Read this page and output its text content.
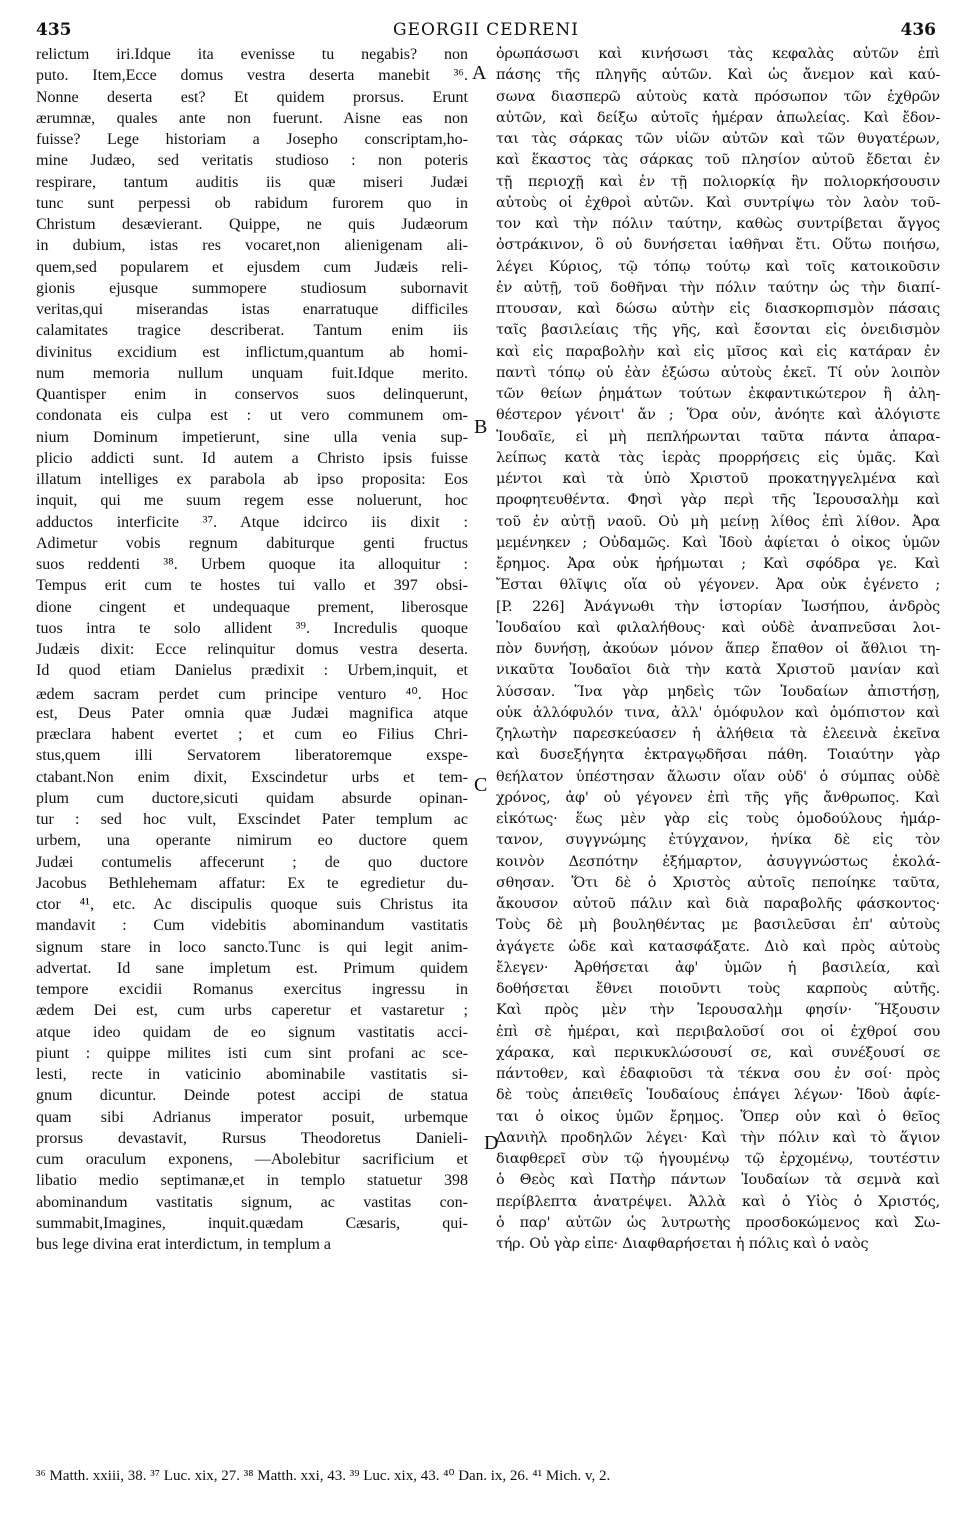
435	GEORGII CEDRENI	436
relictum iri.Idque ita evenisse tu negabis? non
puto. Item,Ecce domus vestra deserta manebit ³⁶.
Nonne deserta est? Et quidem prorsus. Erunt
ærumnæ, quales ante non fuerunt. Aisne eas non
fuisse? Lege historiam a Josepho conscriptam,ho-
mine Judæo, sed veritatis studioso : non poteris
respirare, tantum auditis iis quæ miseri Judæi
tunc sunt perpessi ob rabidum furorem quo in
Christum desævierant. Quippe, ne quis Judæorum
in dubium, istas res vocaret,non alienigenam ali-
quem,sed popularem et ejusdem cum Judæis reli-
gionis ejusque summopere studiosum subornavit
veritas,qui miserandas istas enarratuque difficiles
calamitates tragice describerat. Tantum enim iis
divinitus excidium est inflictum,quantum ab homi-
num memoria nullum unquam fuit.Idque merito.
Quantisper enim in conservos suos delinquerunt,
condonata eis culpa est : ut vero communem om-
nium Dominum impetierunt, sine ulla venia sup-
plicio addicti sunt. Id autem a Christo ipsis fuisse
illatum intelliges ex parabola ab ipso proposita: Eos
inquit, qui me suum regem esse noluerunt, hoc
adductos interficite ³⁷. Atque idcirco iis dixit :
Adimetur vobis regnum dabiturque genti fructus
suos reddenti ³⁸. Urbem quoque ita alloquitur :
Tempus erit cum te hostes tui vallo et 397 obsi-
dione cingent et undequaque prement, liberosque
tuos intra te solo allident ³⁹. Incredulis quoque
Judæis dixit: Ecce relinquitur domus vestra deserta.
Id quod etiam Danielus prædixit : Urbem,inquit, et
ædem sacram perdet cum principe venturo ⁴⁰. Hoc
est, Deus Pater omnia quæ Judæi magnifica atque
præclara habent evertet ; et cum eo Filius Chri-
stus,quem illi Servatorem liberatoremque exspe-
ctabant.Non enim dixit, Exscindetur urbs et tem-
plum cum ductore,sicuti quidam absurde opinan-
tur : sed hoc vult, Exscindet Pater templum ac
urbem, una operante nimirum eo ductore quem
Judæi contumelis affecerunt ; de quo ductore
Jacobus Bethlehemam affatur: Ex te egredietur du-
ctor ⁴¹, etc. Ac discipulis quoque suis Christus ita
mandavit : Cum videbitis abominandum vastitatis
signum stare in loco sancto.Tunc is qui legit anim-
advertat. Id sane impletum est. Primum quidem
tempore excidii Romanus exercitus ingressu in
ædem Dei est, cum urbs caperetur et vastaretur ;
atque ideo quidam de eo signum vastitatis acci-
piunt : quippe milites isti cum sint profani ac sce-
lesti, recte in vaticinio abominabile vastitatis si-
gnum dicuntur. Deinde potest accipi de statua
quam sibi Adrianus imperator posuit, urbemque
prorsus devastavit, Rursus Theodoretus Danieli-
cum oraculum exponens, —Abolebitur sacrificium et
libatio medio septimanæ,et in templo statuetur 398
abominandum vastitatis signum, ac vastitas con-
summabit,Imagines, inquit.quædam Cæsaris, qui-
bus lege divina erat interdictum, in templum a
A
B
C
D
ὀρωπάσωσι καὶ κινήσωσι τὰς κεφαλὰς αὐτῶν ἐπὶ
πάσης τῆς πληγῆς αὐτῶν. Καὶ ὡς ἄνεμον καὶ καύ-
σωνα διασπερῶ αὐτοὺς κατὰ πρόσωπον τῶν ἐχθρῶν
αὐτῶν, καὶ δείξω αὐτοῖς ἡμέραν ἀπωλείας. Καὶ ἔδον-
ται τὰς σάρκας τῶν υἱῶν αὐτῶν καὶ τῶν θυγατέρων,
καὶ ἕκαστος τὰς σάρκας τοῦ πλησίον αὐτοῦ ἔδεται ἐν
τῇ περιοχῇ καὶ ἐν τῇ πολιορκίᾳ ἣν πολιορκήσουσιν
αὐτοὺς οἱ ἐχθροὶ αὐτῶν. Καὶ συντρίψω τὸν λαὸν τοῦ-
τον καὶ τὴν πόλιν ταύτην, καθὼς συντρίβεται ἄγγος
ὀστράκινον, ὃ οὐ δυνήσεται ἰαθῆναι ἔτι. Οὕτω ποιήσω,
λέγει Κύριος, τῷ τόπῳ τούτῳ καὶ τοῖς κατοικοῦσιν
ἐν αὐτῇ, τοῦ δοθῆναι τὴν πόλιν ταύτην ὡς τὴν διαπί-
πτουσαν, καὶ δώσω αὐτὴν εἰς διασκορπισμὸν πάσαις
ταῖς βασιλείαις τῆς γῆς, καὶ ἔσονται εἰς ὀνειδισμὸν
καὶ εἰς παραβολὴν καὶ εἰς μῖσος καὶ εἰς κατάραν ἐν
παντὶ τόπῳ οὗ ἐὰν ἐξώσω αὐτοὺς ἐκεῖ. Τί οὖν λοιπὸν
τῶν θείων ῥημάτων τούτων ἐκφαντικώτερον ἢ ἀλη-
θέστερον γένοιτ' ἄν ; Ὅρα οὖν, ἀνόητε καὶ ἀλόγιστε
Ἰουδαῖε, εἰ μὴ πεπλήρωνται ταῦτα πάντα ἀπαρα-
λείπως κατὰ τὰς ἱερὰς προρρήσεις εἰς ὑμᾶς. Καὶ
μέντοι καὶ τὰ ὑπὸ Χριστοῦ προκατηγγελμένα καὶ
προφητευθέντα. Φησὶ γὰρ περὶ τῆς Ἱερουσαλὴμ καὶ
τοῦ ἐν αὐτῇ ναοῦ. Οὐ μὴ μείνῃ λίθος ἐπὶ λίθον. Ἆρα
μεμένηκεν ; Οὐδαμῶς. Καὶ Ἰδοὺ ἀφίεται ὁ οἶκος ὑμῶν
ἔρημος. Ἆρα οὐκ ἠρήμωται ; Καὶ σφόδρα γε. Καὶ
Ἔσται θλῖψις οἵα οὐ γέγονεν. Ἆρα οὐκ ἐγένετο ;
[P. 226] Ἀνάγνωθι τὴν ἱστορίαν Ἰωσήπου, ἀνδρὸς
Ἰουδαίου καὶ φιλαλήθους· καὶ οὐδὲ ἀναπνεῦσαι λοι-
πὸν δυνήσῃ, ἀκούων μόνον ἅπερ ἔπαθον οἱ ἄθλιοι τη-
νικαῦτα Ἰουδαῖοι διὰ τὴν κατὰ Χριστοῦ μανίαν καὶ
λύσσαν. Ἵνα γὰρ μηδεὶς τῶν Ἰουδαίων ἀπιστήσῃ,
οὐκ ἀλλόφυλόν τινα, ἀλλ' ὁμόφυλον καὶ ὁμόπιστον καὶ
ζηλωτὴν παρεσκεύασεν ἡ ἀλήθεια τὰ ἐλεεινὰ ἐκεῖνα
καὶ δυσεξήγητα ἐκτραγῳδῆσαι πάθη. Τοιαύτην γὰρ
θεήλατον ὑπέστησαν ἄλωσιν οἵαν οὐδ' ὁ σύμπας οὐδὲ
χρόνος, ἀφ' οὗ γέγονεν ἐπὶ τῆς γῆς ἄνθρωπος. Καὶ
εἰκότως· ἕως μὲν γὰρ εἰς τοὺς ὁμοδούλους ἡμάρ-
τανον, συγγνώμης ἐτύγχανον, ἡνίκα δὲ εἰς τὸν
κοινὸν Δεσπότην ἐξήμαρτον, ἀσυγγνώστως ἐκολά-
σθησαν. Ὅτι δὲ ὁ Χριστὸς αὐτοῖς πεποίηκε ταῦτα,
ἄκουσον αὐτοῦ πάλιν καὶ διὰ παραβολῆς φάσκοντος·
Τοὺς δὲ μὴ βουληθέντας με βασιλεῦσαι ἐπ' αὐτοὺς
ἀγάγετε ὧδε καὶ κατασφάξατε. Διὸ καὶ πρὸς αὐτοὺς
ἔλεγεν· Ἀρθήσεται ἀφ' ὑμῶν ἡ βασιλεία, καὶ
δοθήσεται ἔθνει ποιοῦντι τοὺς καρποὺς αὐτῆς.
Καὶ πρὸς μὲν τὴν Ἱερουσαλὴμ φησίν· Ἥξουσιν
ἐπὶ σὲ ἡμέραι, καὶ περιβαλοῦσί σοι οἱ ἐχθροί σου
χάρακα, καὶ περικυκλώσουσί σε, καὶ συνέξουσί σε
πάντοθεν, καὶ ἐδαφιοῦσι τὰ τέκνα σου ἐν σοί· πρὸς
δὲ τοὺς ἀπειθεῖς Ἰουδαίους ἐπάγει λέγων· Ἰδοὺ ἀφίε-
ται ὁ οἶκος ὑμῶν ἔρημος. Ὅπερ οὖν καὶ ὁ θεῖος
Δανιὴλ προδηλῶν λέγει· Καὶ τὴν πόλιν καὶ τὸ ἅγιον
διαφθερεῖ σὺν τῷ ἡγουμένῳ τῷ ἐρχομένῳ, τουτέστιν
ὁ Θεὸς καὶ Πατὴρ πάντων Ἰουδαίων τὰ σεμνὰ καὶ
περίβλεπτα ἀνατρέψει. Ἀλλὰ καὶ ὁ Υἱὸς ὁ Χριστός,
ὁ παρ' αὐτῶν ὡς λυτρωτὴς προσδοκώμενος καὶ Σω-
τήρ. Οὐ γὰρ εἶπε· Διαφθαρήσεται ἡ πόλις καὶ ὁ ναὸς
³⁶ Matth. xxiii, 38. ³⁷ Luc. xix, 27. ³⁸ Matth. xxi, 43. ³⁹ Luc. xix, 43. ⁴⁰ Dan. ix, 26. ⁴¹ Mich. v, 2.
